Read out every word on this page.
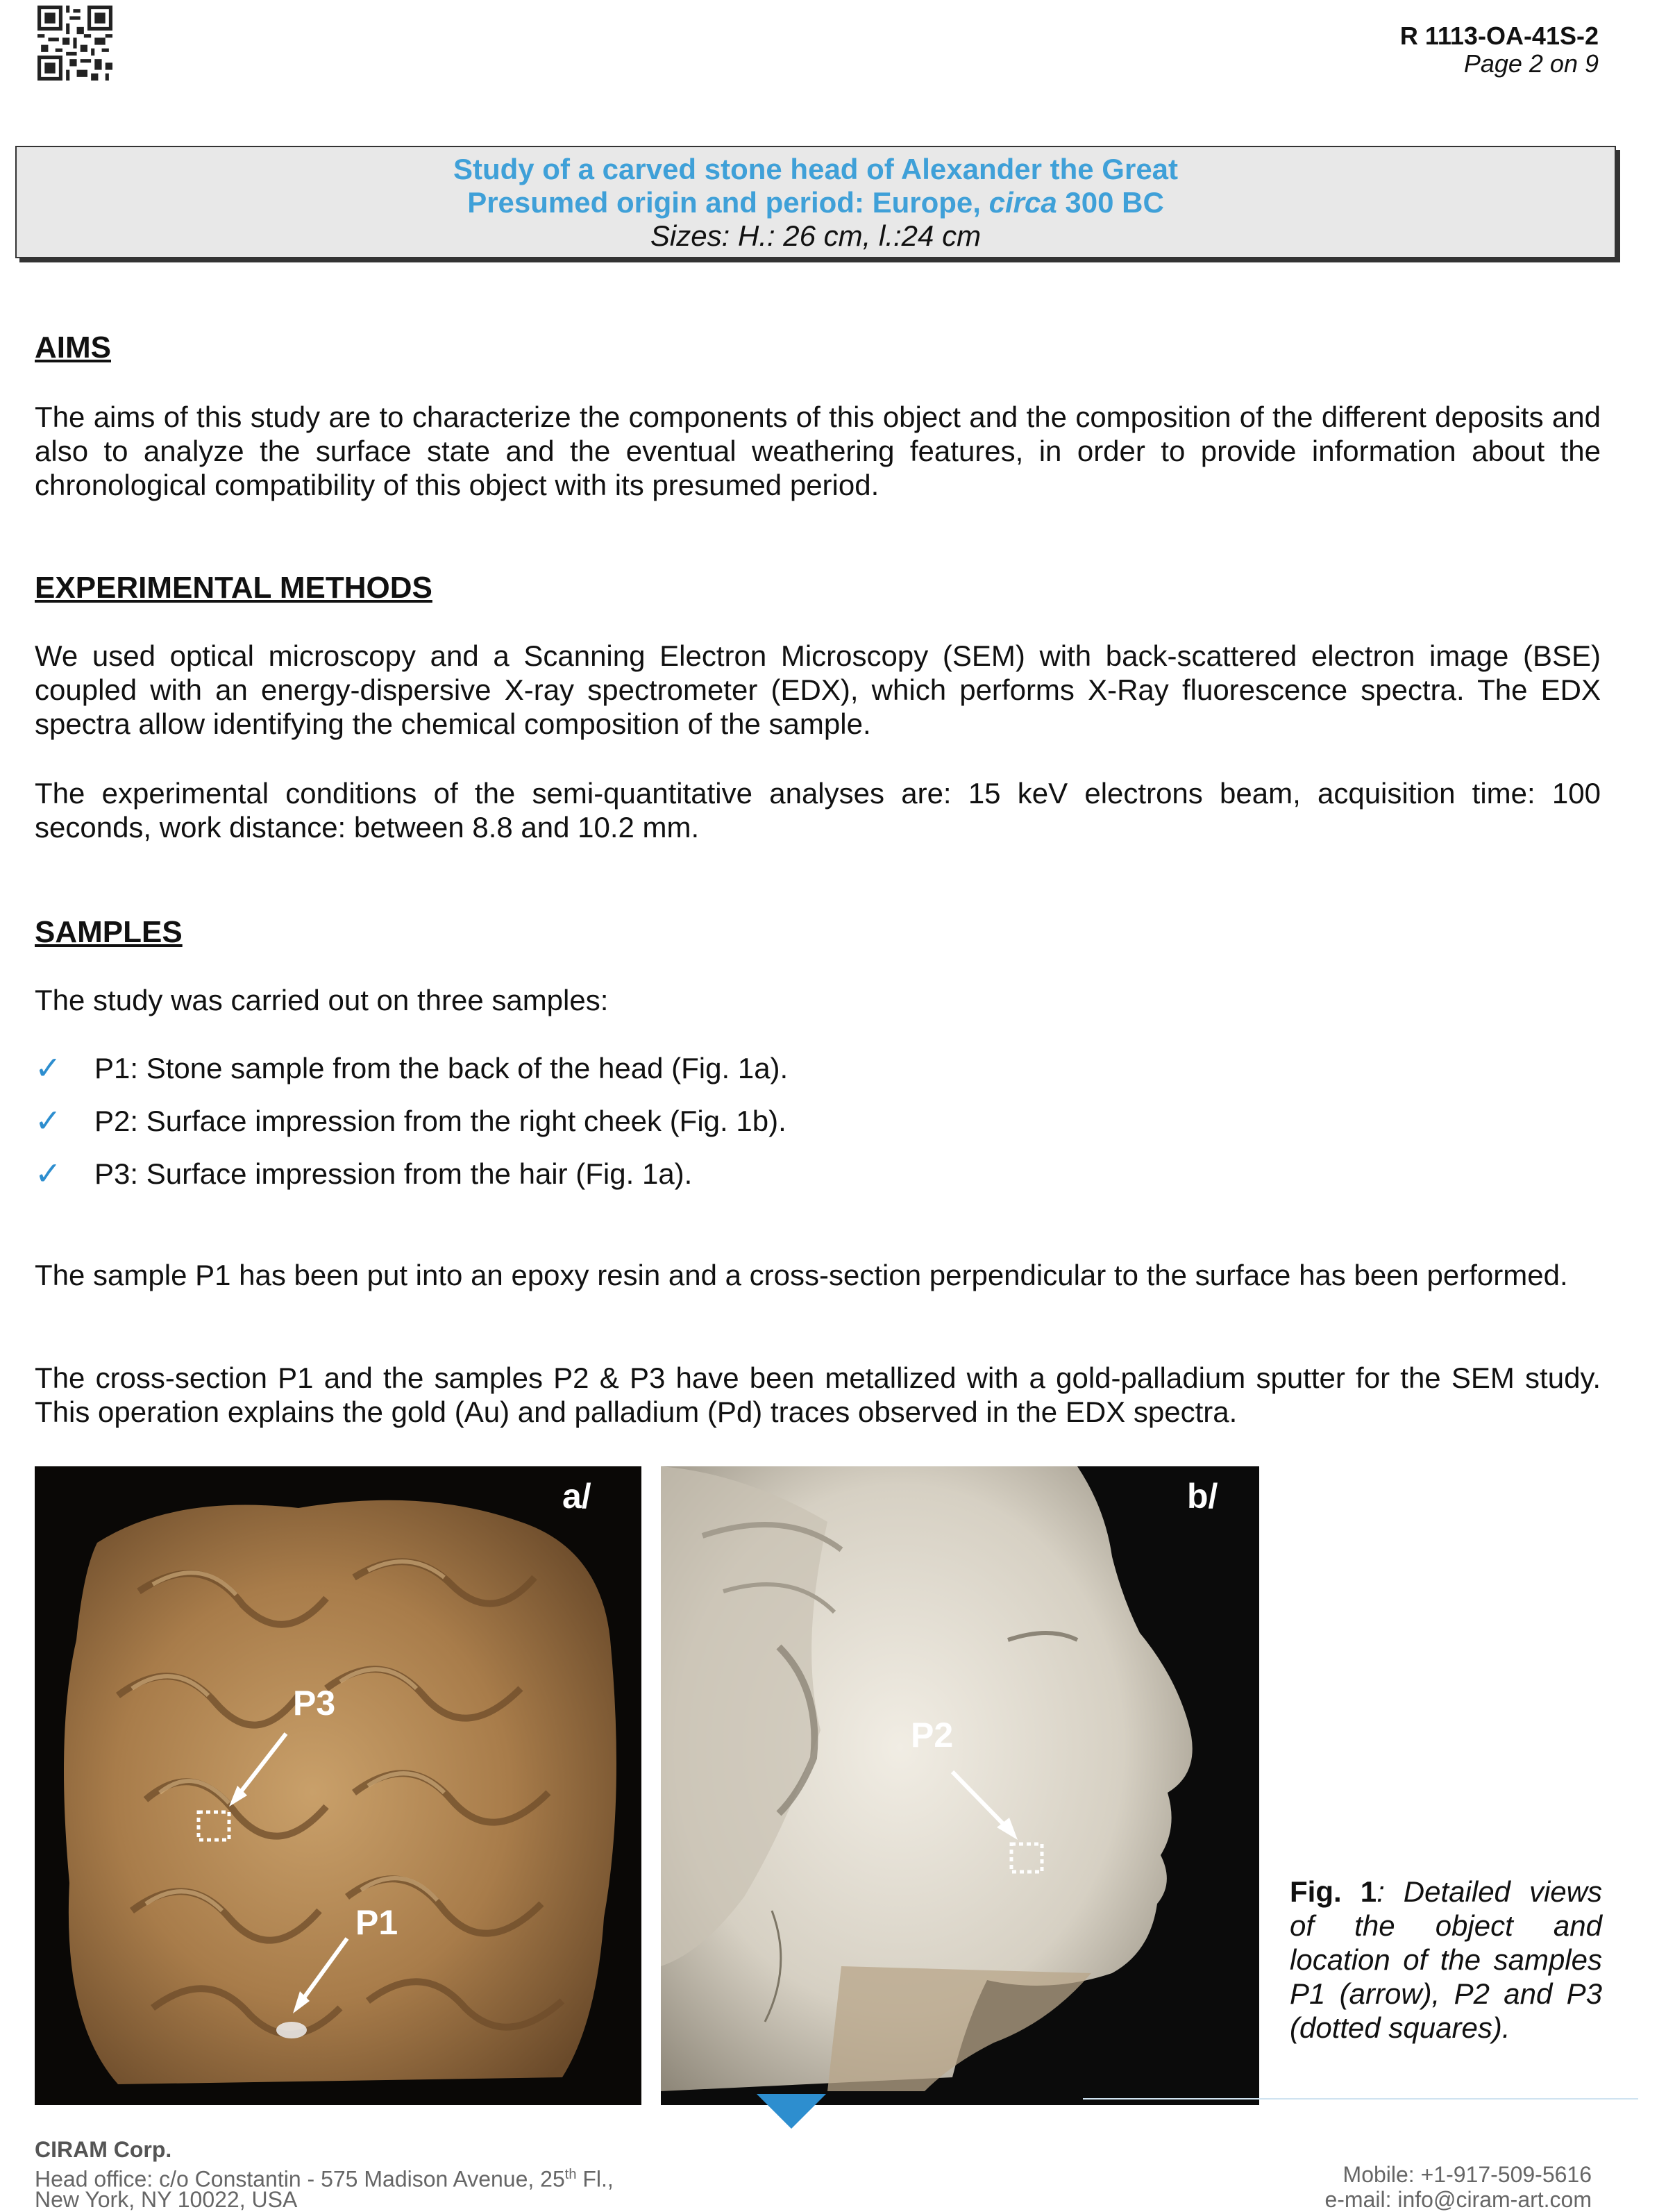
R 1113-OA-41S-2
Page 2 on 9
Study of a carved stone head of Alexander the Great
Presumed origin and period: Europe, circa 300 BC
Sizes: H.: 26 cm, l.:24 cm
AIMS
The aims of this study are to characterize the components of this object and the composition of the different deposits and also to analyze the surface state and the eventual weathering features, in order to provide information about the chronological compatibility of this object with its presumed period.
EXPERIMENTAL METHODS
We used optical microscopy and a Scanning Electron Microscopy (SEM) with back-scattered electron image (BSE) coupled with an energy-dispersive X-ray spectrometer (EDX), which performs X-Ray fluorescence spectra. The EDX spectra allow identifying the chemical composition of the sample.
The experimental conditions of the semi-quantitative analyses are: 15 keV electrons beam, acquisition time: 100 seconds, work distance: between 8.8 and 10.2 mm.
SAMPLES
The study was carried out on three samples:
✓	P1: Stone sample from the back of the head (Fig. 1a).
✓	P2: Surface impression from the right cheek (Fig. 1b).
✓	P3: Surface impression from the hair (Fig. 1a).
The sample P1 has been put into an epoxy resin and a cross-section perpendicular to the surface has been performed.
The cross-section P1 and the samples P2 & P3 have been metallized with a gold-palladium sputter for the SEM study. This operation explains the gold (Au) and palladium (Pd) traces observed in the EDX spectra.
a/
P3
P1
b/
P2
Fig. 1: Detailed views of the object and location of the samples P1 (arrow), P2 and P3 (dotted squares).
CIRAM Corp.
Head office: c/o Constantin - 575 Madison Avenue, 25th Fl.,
New York, NY 10022, USA
Mobile: +1-917-509-5616
e-mail: info@ciram-art.com
